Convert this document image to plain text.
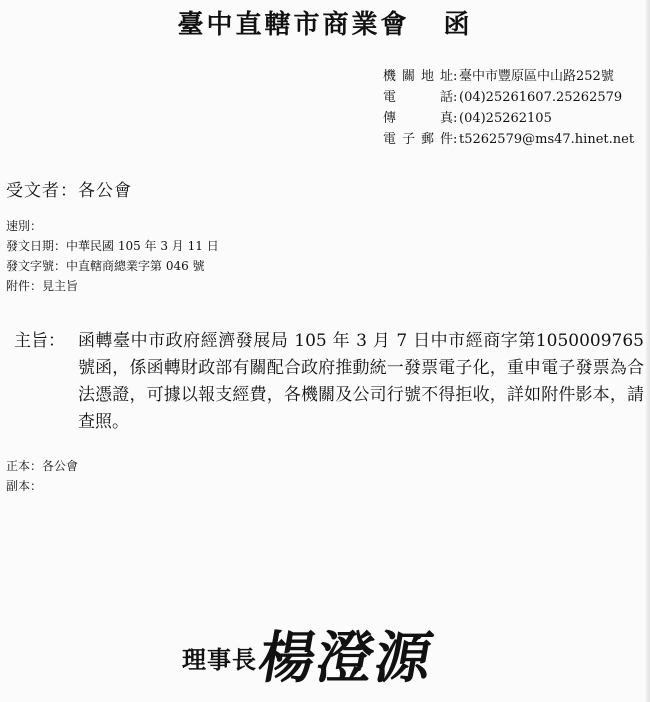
臺中直轄市商業會 函
機關地址 : 臺中市豐原區中山路252號
電話 : (04)25261607.25262579
傳真 : (04)25262105
電子郵件 : t5262579@ms47.hinet.net
受文者：各公會
速別：
發文日期：中華民國 105 年 3 月 11 日
發文字號：中直轄商總業字第 046 號
附件：見主旨
主旨： 函轉臺中市政府經濟發展局 105 年 3 月 7 日中市經商字第1050009765號函，係函轉財政部有關配合政府推動統一發票電子化，重申電子發票為合法憑證，可據以報支經費，各機關及公司行號不得拒收，詳如附件影本，請　查照。
正本：各公會
副本：
理事長
楊澄源
